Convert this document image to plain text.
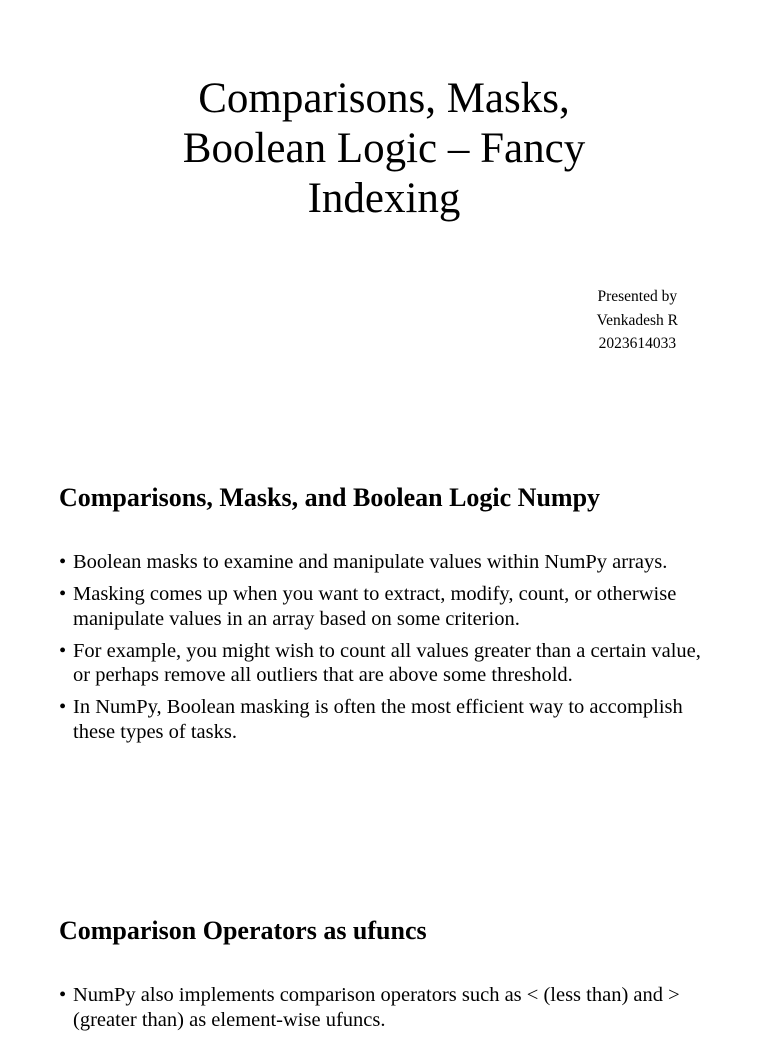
Comparisons, Masks,
Boolean Logic – Fancy
Indexing
Presented by
Venkadesh R
2023614033
Comparisons, Masks, and Boolean Logic Numpy
• Boolean masks to examine and manipulate values within NumPy arrays.
• Masking comes up when you want to extract, modify, count, or otherwise manipulate values in an array based on some criterion.
• For example, you might wish to count all values greater than a certain value, or perhaps remove all outliers that are above some threshold.
• In NumPy, Boolean masking is often the most efficient way to accomplish these types of tasks.
Comparison Operators as ufuncs
• NumPy also implements comparison operators such as < (less than) and > (greater than) as element-wise ufuncs.
